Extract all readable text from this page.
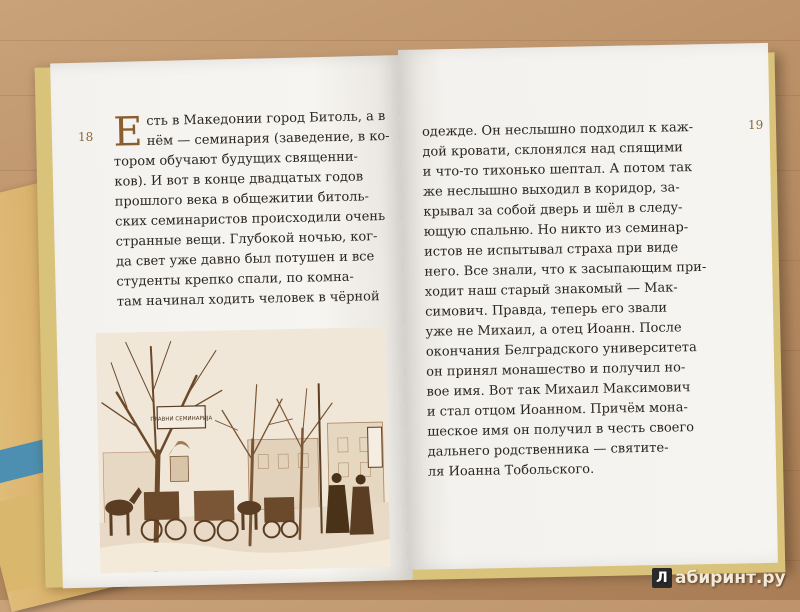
18
19
Е сть в Македонии город Битоль, а в
нём — семинария (заведение, в ко-
тором обучают будущих священни-
ков). И вот в конце двадцатых годов
прошлого века в общежитии битоль-
ских семинаристов происходили очень
странные вещи. Глубокой ночью, ког-
да свет уже давно был потушен и все
студенты крепко спали, по комна-
там начинал ходить человек в чёрной
одежде. Он неслышно подходил к каж-
дой кровати, склонялся над спящими
и что-то тихонько шептал. А потом так
же неслышно выходил в коридор, за-
крывал за собой дверь и шёл в следу-
ющую спальню. Но никто из семинар-
истов не испытывал страха при виде
него. Все знали, что к засыпающим при-
ходит наш старый знакомый — Мак-
симович. Правда, теперь его звали
уже не Михаил, а отец Иоанн. После
окончания Белградского университета
он принял монашество и получил но-
вое имя. Вот так Михаил Максимович
и стал отцом Иоанном. Причём мона-
шеское имя он получил в честь своего
дальнего родственника — святите-
ля Иоанна Тобольского.
ПРАВНИ СЕМИНАРИЈА
Л абиринт.ру
